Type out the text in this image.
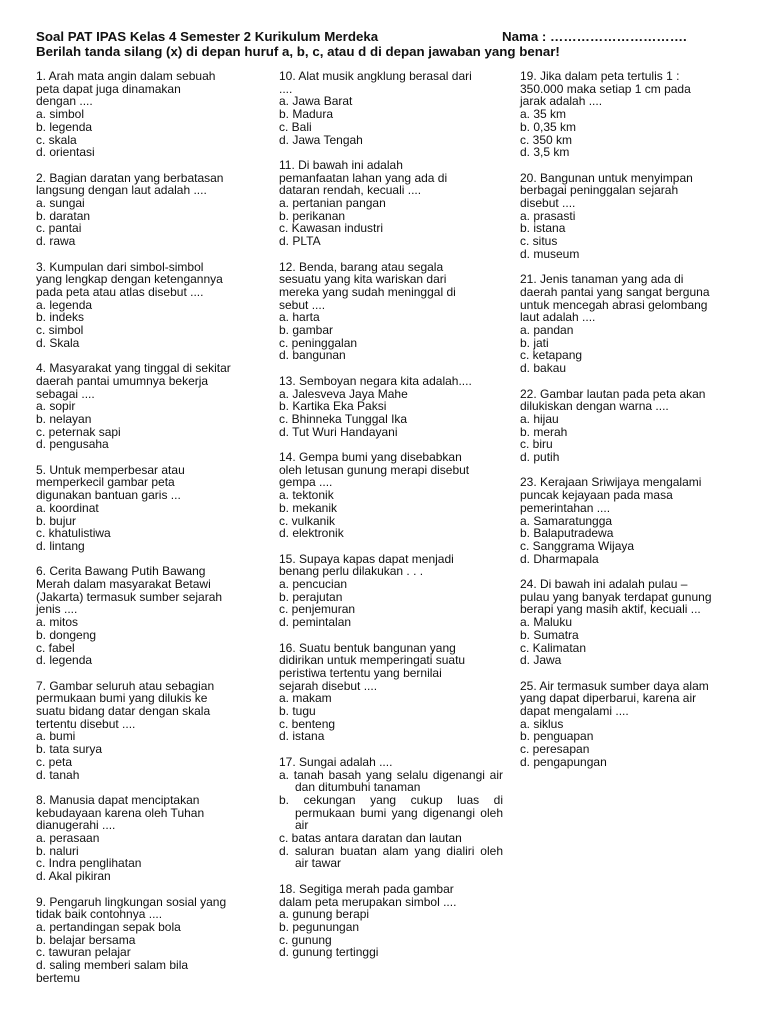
Soal PAT IPAS Kelas 4 Semester 2 Kurikulum Merdeka	Nama : ………………………….
Berilah tanda silang (x) di depan huruf a, b, c, atau d di depan jawaban yang benar!
1. Arah mata angin dalam sebuah
peta dapat juga dinamakan
dengan ....
a. simbol
b. legenda
c. skala
d. orientasi
2. Bagian daratan yang berbatasan
langsung dengan laut adalah ....
a. sungai
b. daratan
c. pantai
d. rawa
3. Kumpulan dari simbol-simbol
yang lengkap dengan ketengannya
pada peta atau atlas disebut ....
a. legenda
b. indeks
c. simbol
d. Skala
4. Masyarakat yang tinggal di sekitar
daerah pantai umumnya bekerja
sebagai ....
a. sopir
b. nelayan
c. peternak sapi
d. pengusaha
5. Untuk memperbesar atau
memperkecil gambar peta
digunakan bantuan garis ...
a. koordinat
b. bujur
c. khatulistiwa
d. lintang
6. Cerita Bawang Putih Bawang
Merah dalam masyarakat Betawi
(Jakarta) termasuk sumber sejarah
jenis ....
a. mitos
b. dongeng
c. fabel
d. legenda
7. Gambar seluruh atau sebagian
permukaan bumi yang dilukis ke
suatu bidang datar dengan skala
tertentu disebut ....
a. bumi
b. tata surya
c. peta
d. tanah
8. Manusia dapat menciptakan
kebudayaan karena oleh Tuhan
dianugerahi ....
a. perasaan
b. naluri
c. Indra penglihatan
d. Akal pikiran
9. Pengaruh lingkungan sosial yang
tidak baik contohnya ....
a. pertandingan sepak bola
b. belajar bersama
c. tawuran pelajar
d. saling memberi salam bila
bertemu
10. Alat musik angklung berasal dari
....
a. Jawa Barat
b. Madura
c. Bali
d. Jawa Tengah
11. Di bawah ini adalah
pemanfaatan lahan yang ada di
dataran rendah, kecuali ....
a. pertanian pangan
b. perikanan
c. Kawasan industri
d. PLTA
12. Benda, barang atau segala
sesuatu yang kita wariskan dari
mereka yang sudah meninggal di
sebut ....
a. harta
b. gambar
c. peninggalan
d. bangunan
13. Semboyan negara kita adalah....
a. Jalesveva Jaya Mahe
b. Kartika Eka Paksi
c. Bhinneka Tunggal Ika
d. Tut Wuri Handayani
14. Gempa bumi yang disebabkan
oleh letusan gunung merapi disebut
gempa ....
a. tektonik
b. mekanik
c. vulkanik
d. elektronik
15. Supaya kapas dapat menjadi
benang perlu dilakukan . . .
a. pencucian
b. perajutan
c. penjemuran
d. pemintalan
16. Suatu bentuk bangunan yang
didirikan untuk memperingati suatu
peristiwa tertentu yang bernilai
sejarah disebut ....
a. makam
b. tugu
c. benteng
d. istana
17. Sungai adalah ....
a. tanah basah yang selalu digenangi air dan ditumbuhi tanaman
b. cekungan yang cukup luas di permukaan bumi yang digenangi oleh air
c. batas antara daratan dan lautan
d. saluran buatan alam yang dialiri oleh air tawar
18. Segitiga merah pada gambar
dalam peta merupakan simbol ....
a. gunung berapi
b. pegunungan
c. gunung
d. gunung tertinggi
19. Jika dalam peta tertulis 1 :
350.000 maka setiap 1 cm pada
jarak adalah ....
a. 35 km
b. 0,35 km
c. 350 km
d. 3,5 km
20. Bangunan untuk menyimpan
berbagai peninggalan sejarah
disebut ....
a. prasasti
b. istana
c. situs
d. museum
21. Jenis tanaman yang ada di
daerah pantai yang sangat berguna
untuk mencegah abrasi gelombang
laut adalah ....
a. pandan
b. jati
c. ketapang
d. bakau
22. Gambar lautan pada peta akan
dilukiskan dengan warna ....
a. hijau
b. merah
c. biru
d. putih
23. Kerajaan Sriwijaya mengalami
puncak kejayaan pada masa
pemerintahan ....
a. Samaratungga
b. Balaputradewa
c. Sanggrama Wijaya
d. Dharmapala
24. Di bawah ini adalah pulau –
pulau yang banyak terdapat gunung
berapi yang masih aktif, kecuali ...
a. Maluku
b. Sumatra
c. Kalimatan
d. Jawa
25. Air termasuk sumber daya alam
yang dapat diperbarui, karena air
dapat mengalami ....
a. siklus
b. penguapan
c. peresapan
d. pengapungan
